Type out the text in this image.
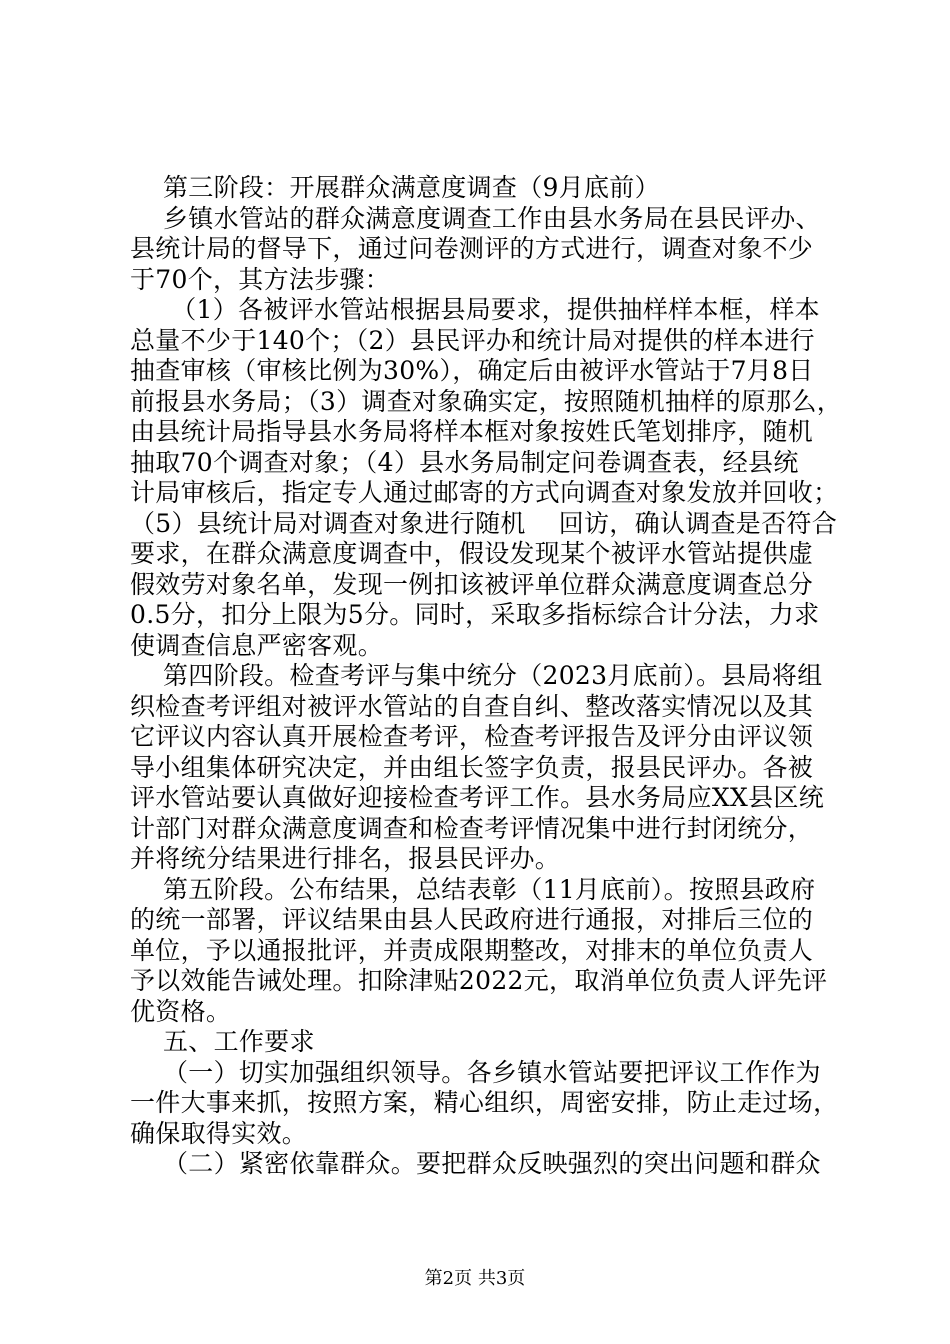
第三阶段：开展群众满意度调查（9月底前）
乡镇水管站的群众满意度调查工作由县水务局在县民评办、
县统计局的督导下，通过问卷测评的方式进行，调查对象不少
于70个，其方法步骤：
（1）各被评水管站根据县局要求，提供抽样样本框，样本
总量不少于140个；（2）县民评办和统计局对提供的样本进行
抽查审核（审核比例为30%），确定后由被评水管站于7月8日
前报县水务局；（3）调查对象确实定，按照随机抽样的原那么，
由县统计局指导县水务局将样本框对象按姓氏笔划排序，随机
抽取70个调查对象；（4）县水务局制定问卷调查表，经县统
计局审核后，指定专人通过邮寄的方式向调查对象发放并回收；
（5）县统计局对调查对象进行随机    回访，确认调查是否符合
要求，在群众满意度调查中，假设发现某个被评水管站提供虚
假效劳对象名单，发现一例扣该被评单位群众满意度调查总分
0.5分，扣分上限为5分。同时，采取多指标综合计分法，力求
使调查信息严密客观。
第四阶段。检查考评与集中统分（2023月底前）。县局将组
织检查考评组对被评水管站的自查自纠、整改落实情况以及其
它评议内容认真开展检查考评，检查考评报告及评分由评议领
导小组集体研究决定，并由组长签字负责，报县民评办。各被
评水管站要认真做好迎接检查考评工作。县水务局应XX县区统
计部门对群众满意度调查和检查考评情况集中进行封闭统分，
并将统分结果进行排名，报县民评办。
第五阶段。公布结果，总结表彰（11月底前）。按照县政府
的统一部署，评议结果由县人民政府进行通报，对排后三位的
单位，予以通报批评，并责成限期整改，对排末的单位负责人
予以效能告诫处理。扣除津贴2022元，取消单位负责人评先评
优资格。
五、工作要求
（一）切实加强组织领导。各乡镇水管站要把评议工作作为
一件大事来抓，按照方案，精心组织，周密安排，防止走过场，
确保取得实效。
（二）紧密依靠群众。要把群众反映强烈的突出问题和群众
第2页 共3页
